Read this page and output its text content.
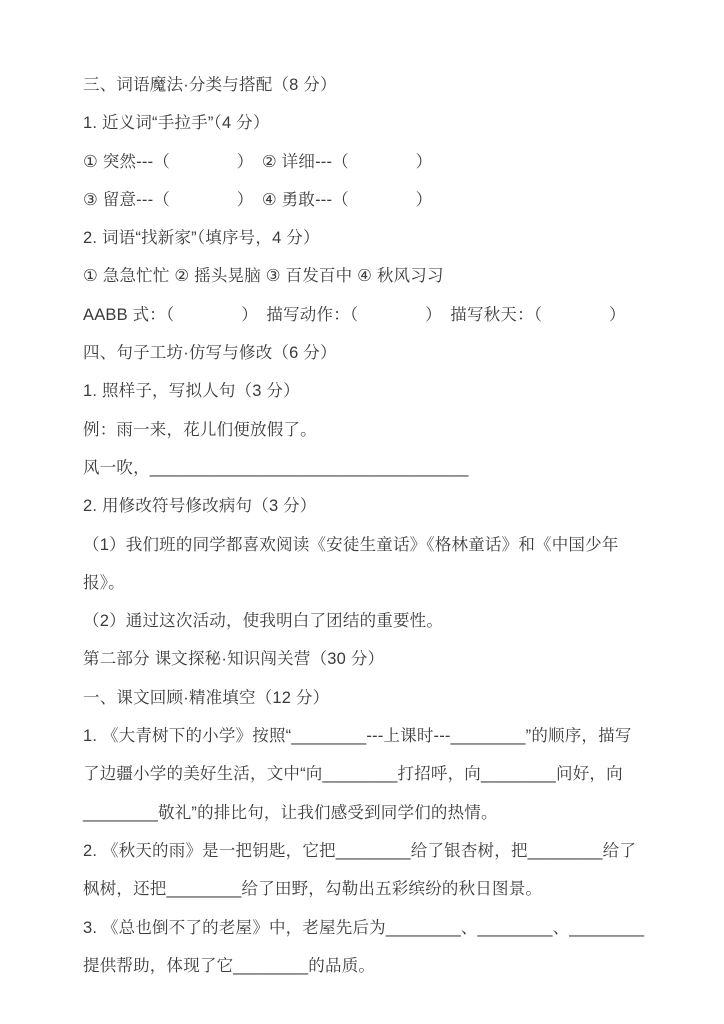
三、词语魔法·分类与搭配（8 分）
1. 近义词“手拉手”（4 分）
① 突然---（　　　　）　② 详细---（　　　　）
③ 留意---（　　　　）　④ 勇敢---（　　　　）
2. 词语“找新家”（填序号，4 分）
① 急急忙忙 ② 摇头晃脑 ③ 百发百中 ④ 秋风习习
AABB 式：（　　　　）　描写动作：（　　　　）　描写秋天：（　　　　）
四、句子工坊·仿写与修改（6 分）
1. 照样子，写拟人句（3 分）
例：雨一来，花儿们便放假了。
风一吹，__________________________________
2. 用修改符号修改病句（3 分）
（1）我们班的同学都喜欢阅读《安徒生童话》《格林童话》和《中国少年
报》。
（2）通过这次活动，使我明白了团结的重要性。
第二部分 课文探秘·知识闯关营（30 分）
一、课文回顾·精准填空（12 分）
1. 《大青树下的小学》按照“________---上课时---________”的顺序，描写
了边疆小学的美好生活，文中“向________打招呼，向________问好，向
________敬礼”的排比句，让我们感受到同学们的热情。
2. 《秋天的雨》是一把钥匙，它把________给了银杏树，把________给了
枫树，还把________给了田野，勾勒出五彩缤纷的秋日图景。
3. 《总也倒不了的老屋》中，老屋先后为________、________、________
提供帮助，体现了它________的品质。
